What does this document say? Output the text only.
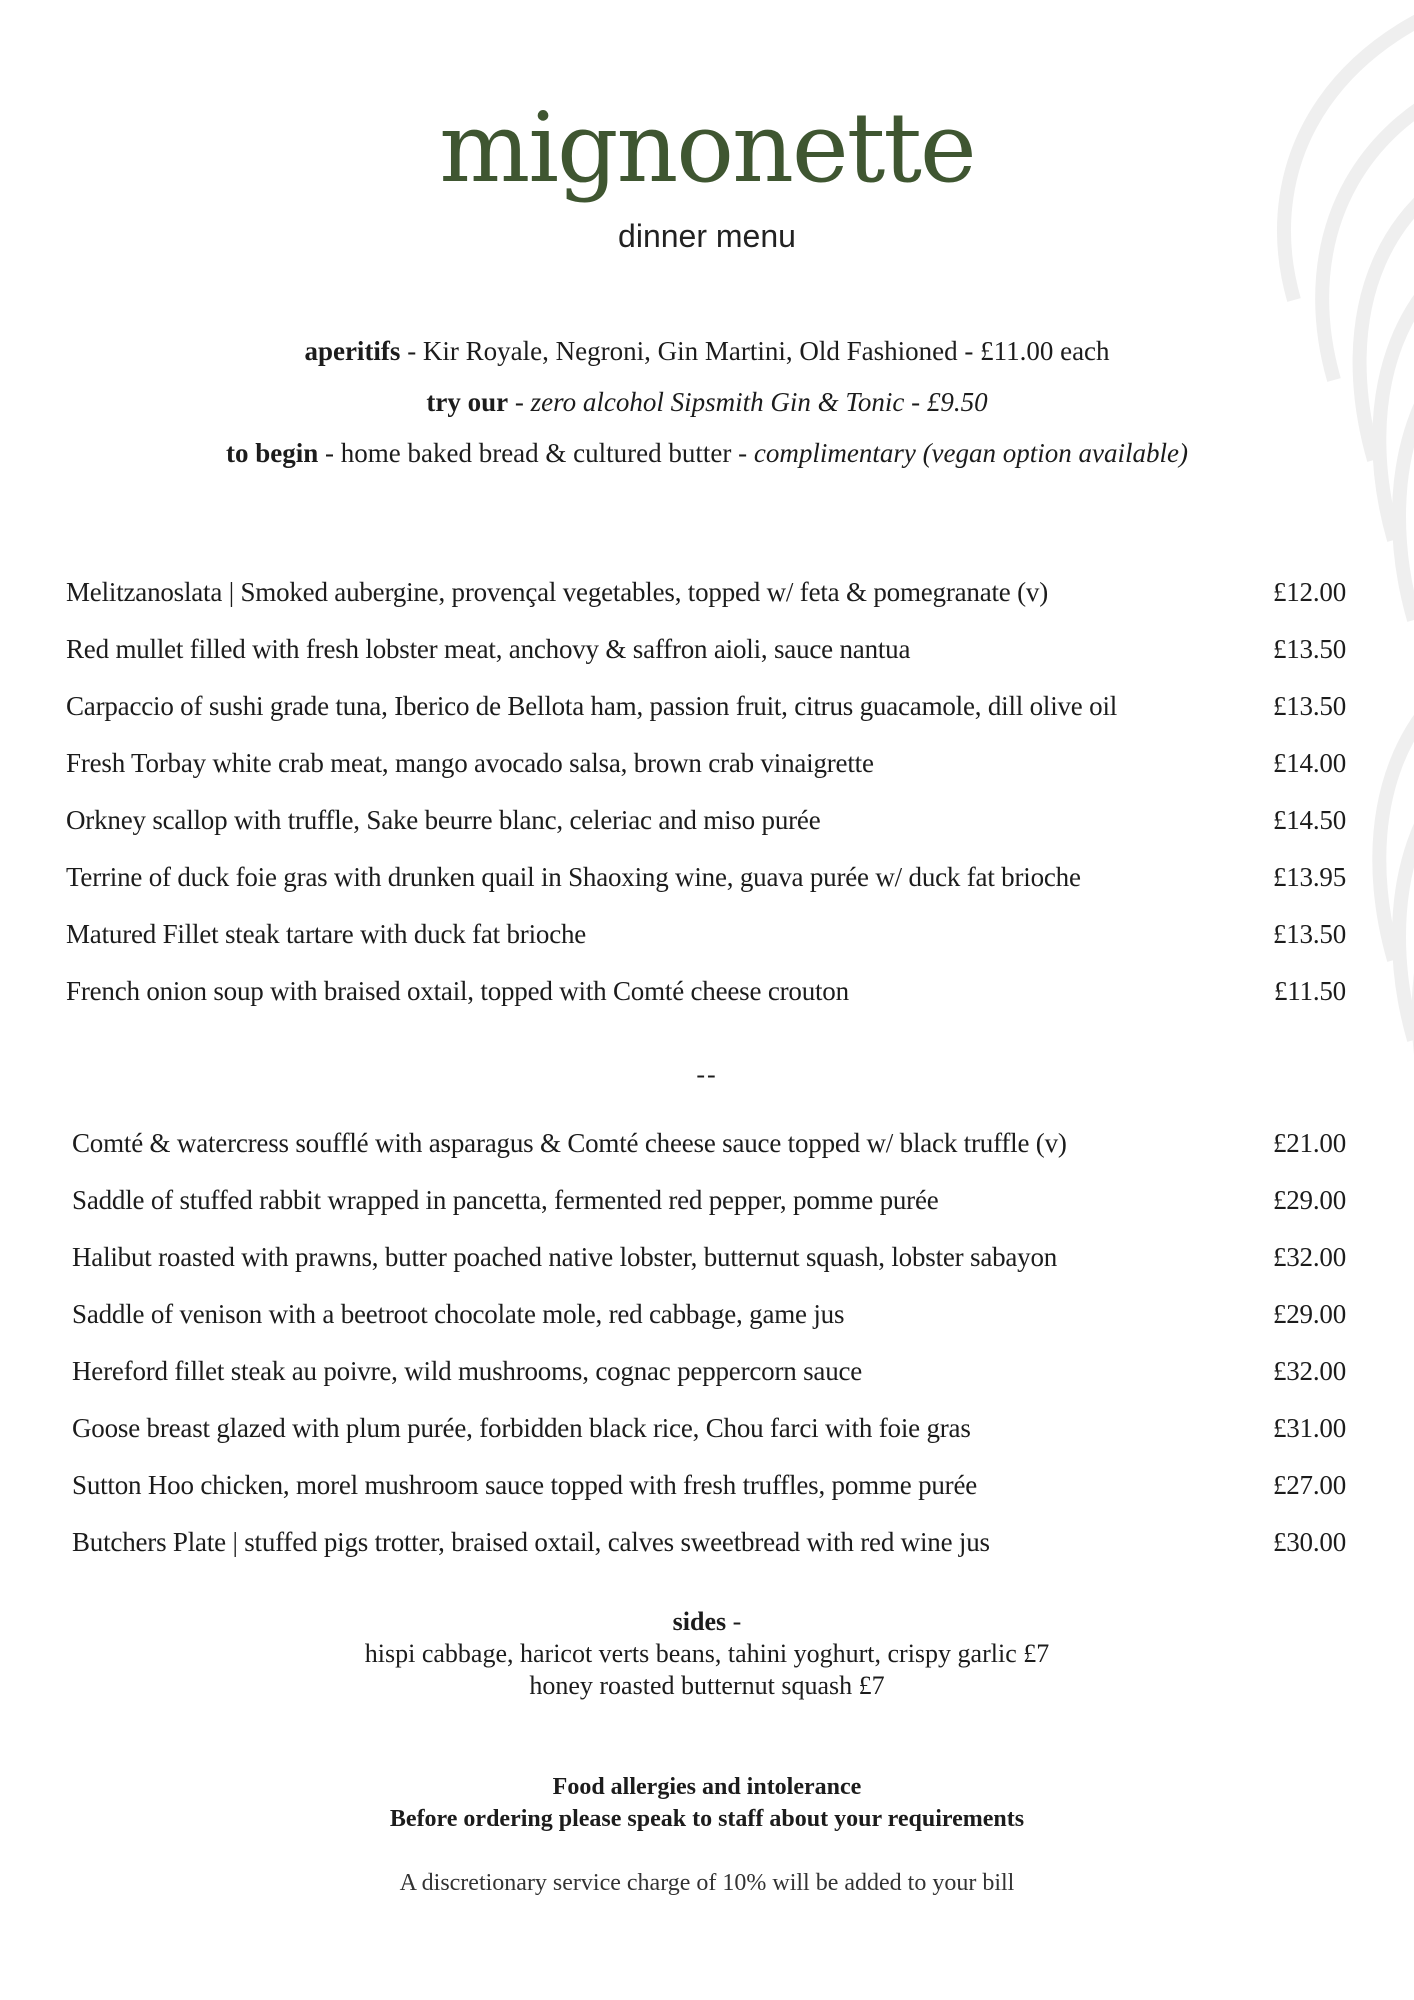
mignonette
dinner menu
aperitifs - Kir Royale, Negroni, Gin Martini, Old Fashioned - £11.00 each
try our - zero alcohol Sipsmith Gin & Tonic - £9.50
to begin - home baked bread & cultured butter - complimentary (vegan option available)
Melitzanoslata | Smoked aubergine, provençal vegetables, topped w/ feta & pomegranate (v)	£12.00
Red mullet filled with fresh lobster meat, anchovy & saffron aioli, sauce nantua	£13.50
Carpaccio of sushi grade tuna, Iberico de Bellota ham, passion fruit, citrus guacamole, dill olive oil	£13.50
Fresh Torbay white crab meat, mango avocado salsa, brown crab vinaigrette	£14.00
Orkney scallop with truffle, Sake beurre blanc, celeriac and miso purée	£14.50
Terrine of duck foie gras with drunken quail in Shaoxing wine, guava purée w/ duck fat brioche	£13.95
Matured Fillet steak tartare with duck fat brioche	£13.50
French onion soup with braised oxtail, topped with Comté cheese crouton	£11.50
--
Comté & watercress soufflé with asparagus & Comté cheese sauce topped w/ black truffle (v)	£21.00
Saddle of stuffed rabbit wrapped in pancetta, fermented red pepper, pomme purée	£29.00
Halibut roasted with prawns, butter poached native lobster, butternut squash, lobster sabayon	£32.00
Saddle of venison with a beetroot chocolate mole, red cabbage, game jus	£29.00
Hereford fillet steak au poivre, wild mushrooms, cognac peppercorn sauce	£32.00
Goose breast glazed with plum purée, forbidden black rice, Chou farci with foie gras	£31.00
Sutton Hoo chicken, morel mushroom sauce topped with fresh truffles, pomme purée	£27.00
Butchers Plate | stuffed pigs trotter, braised oxtail, calves sweetbread with red wine jus	£30.00
sides -
hispi cabbage, haricot verts beans, tahini yoghurt, crispy garlic £7
honey roasted butternut squash £7
Food allergies and intolerance
Before ordering please speak to staff about your requirements
A discretionary service charge of 10% will be added to your bill
